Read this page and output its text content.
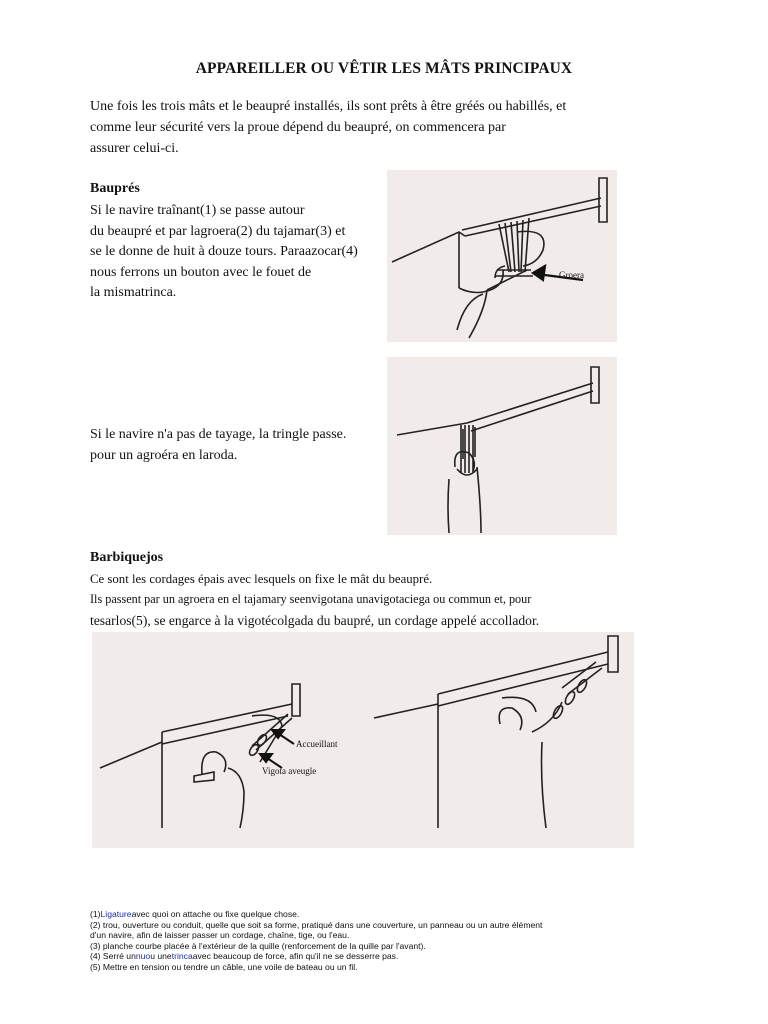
APPAREILLER OU VÊTIR LES MÂTS PRINCIPAUX
Une fois les trois mâts et le beaupré installés, ils sont prêts à être gréés ou habillés, et
comme leur sécurité vers la proue dépend du beaupré, on commencera par
assurer celui-ci.
Bauprés
Si le navire traînant(1) se passe autour
du beaupré et par lagroera(2) du tajamar(3) et
se le donne de huit à douze tours. Paraazocar(4)
nous ferrons un bouton avec le fouet de
la mismatrinca.
Groera
Si le navire n'a pas de tayage, la tringle passe.
pour un agroéra en laroda.
Barbiquejos
Ce sont les cordages épais avec lesquels on fixe le mât du beaupré.
Ils passent par un agroera en el tajamary seenvigotana unavigotaciega ou commun et, pour
tesarlos(5), se engarce à la vigotécolgada du baupré, un cordage appelé accollador.
Accueillant
Vigota aveugle
(1)Ligatureavec quoi on attache ou fixe quelque chose.
(2) trou, ouverture ou conduit, quelle que soit sa forme, pratiqué dans une couverture, un panneau ou un autre élément
d'un navire, afin de laisser passer un cordage, chaîne, tige, ou l'eau.
(3) planche courbe placée à l'extérieur de la quille (renforcement de la quille par l'avant).
(4) Serré unnuou unetrincaavec beaucoup de force, afin qu'il ne se desserre pas.
(5) Mettre en tension ou tendre un câble, une voile de bateau ou un fil.
